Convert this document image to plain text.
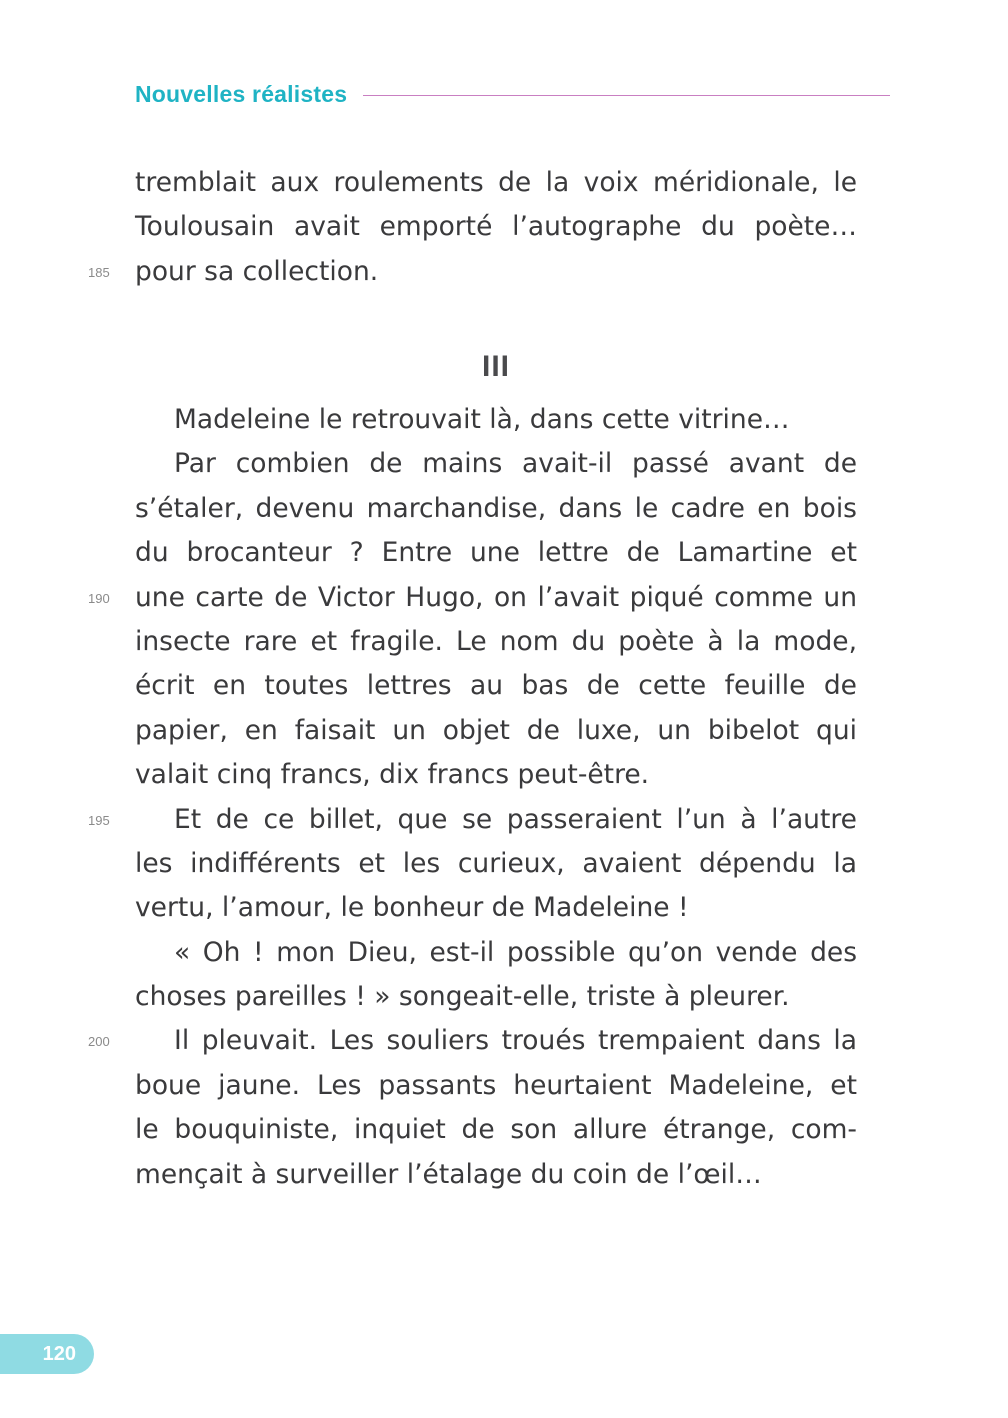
Nouvelles réalistes
tremblait aux roulements de la voix méridionale, le
Toulousain avait emporté l’autographe du poète…
185 pour sa collection.
III
Madeleine le retrouvait là, dans cette vitrine…
Par combien de mains avait-il passé avant de
s’étaler, devenu marchandise, dans le cadre en bois
du brocanteur ? Entre une lettre de Lamartine et
190 une carte de Victor Hugo, on l’avait piqué comme un
insecte rare et fragile. Le nom du poète à la mode,
écrit en toutes lettres au bas de cette feuille de
papier, en faisait un objet de luxe, un bibelot qui
valait cinq francs, dix francs peut-être.
195 Et de ce billet, que se passeraient l’un à l’autre
les indifférents et les curieux, avaient dépendu la
vertu, l’amour, le bonheur de Madeleine !
« Oh ! mon Dieu, est-il possible qu’on vende des
choses pareilles ! » songeait-elle, triste à pleurer.
200 Il pleuvait. Les souliers troués trempaient dans la
boue jaune. Les passants heurtaient Madeleine, et
le bouquiniste, inquiet de son allure étrange, com-
mençait à surveiller l’étalage du coin de l’œil…
120
